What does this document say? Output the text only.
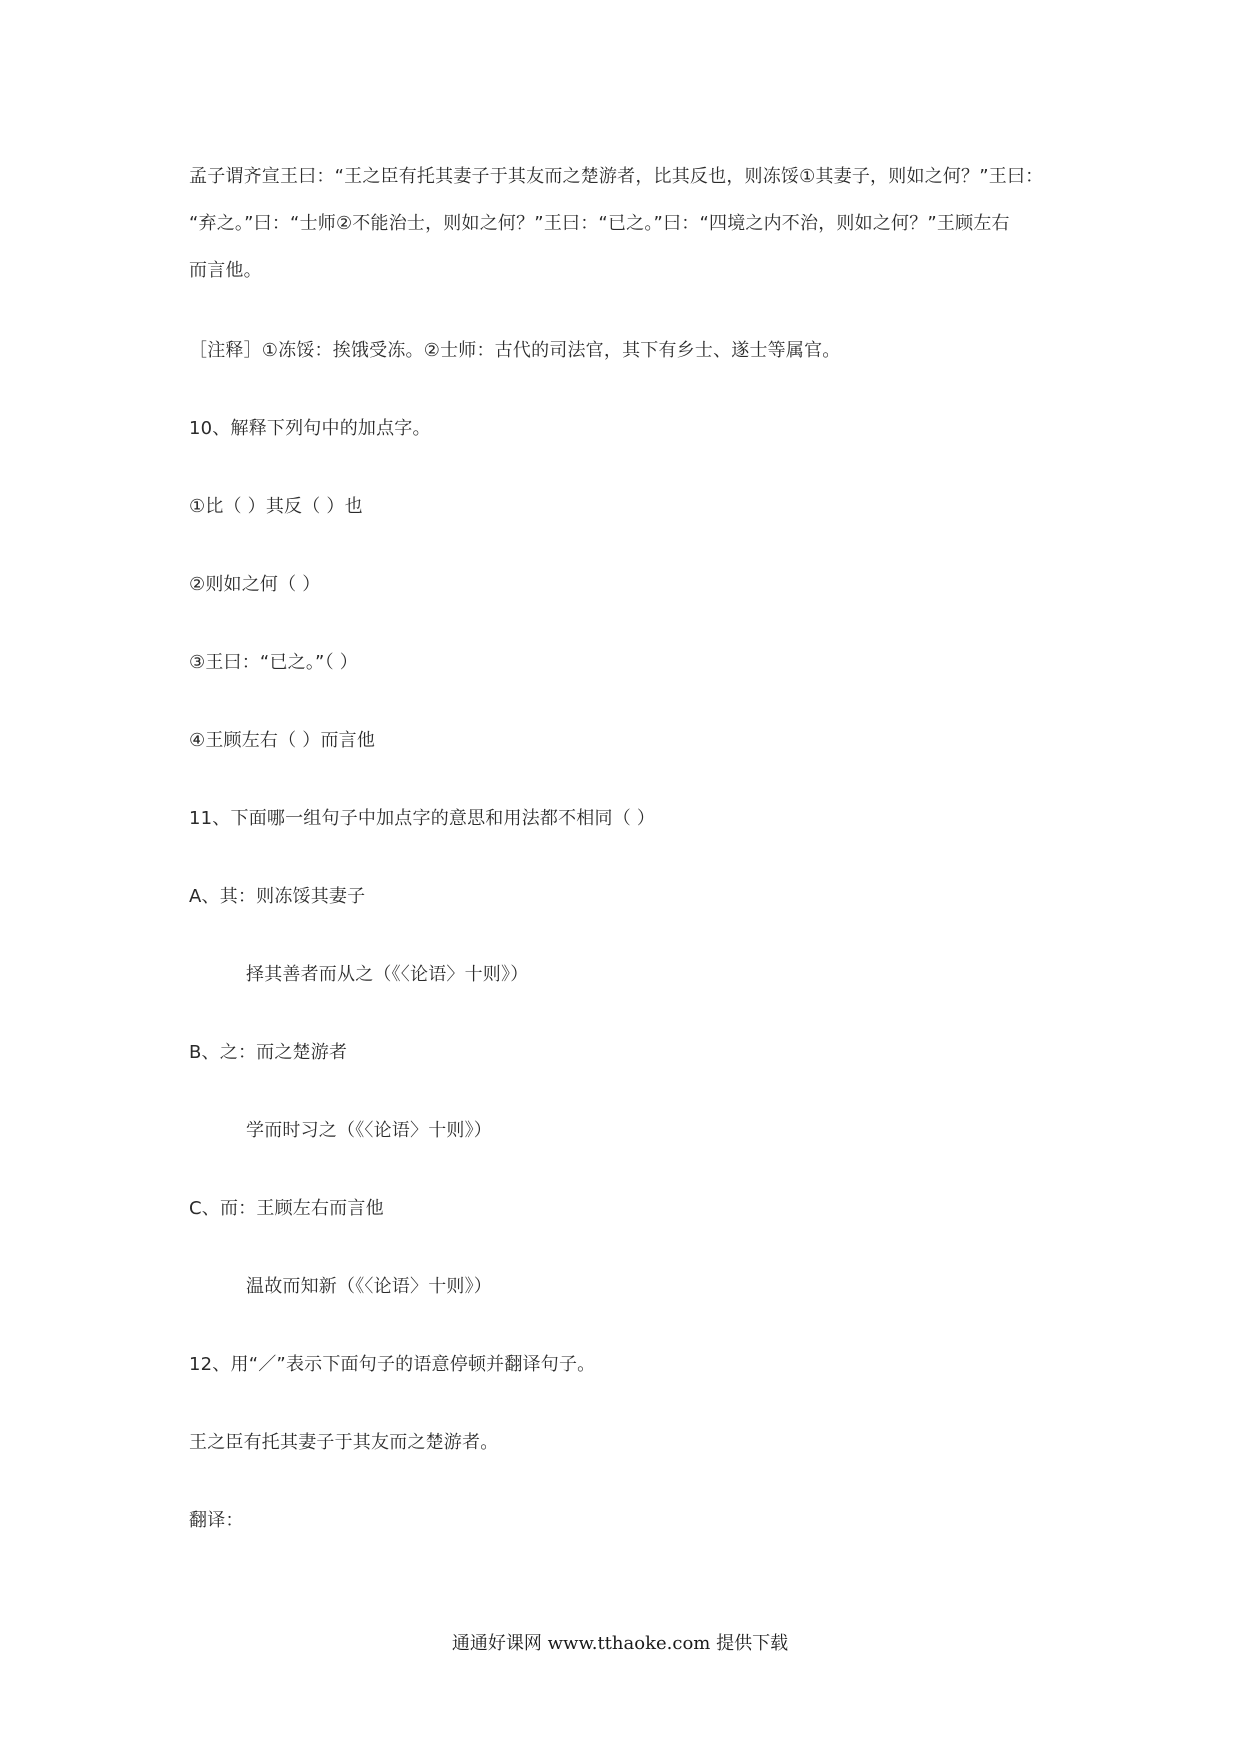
孟子谓齐宣王曰：“王之臣有托其妻子于其友而之楚游者，比其反也，则冻馁①其妻子，则如之何？”王曰：
“弃之。”曰：“士师②不能治士，则如之何？”王曰：“已之。”曰：“四境之内不治，则如之何？”王顾左右
而言他。
［注释］①冻馁：挨饿受冻。②士师：古代的司法官，其下有乡士、遂士等属官。
10、解释下列句中的加点字。
①比（ ）其反（ ）也
②则如之何（ ）
③王曰：“已之。”（ ）
④王顾左右（ ）而言他
11、下面哪一组句子中加点字的意思和用法都不相同（ ）
A、其：则冻馁其妻子
择其善者而从之（《〈论语〉十则》）
B、之：而之楚游者
学而时习之（《〈论语〉十则》）
C、而：王顾左右而言他
温故而知新（《〈论语〉十则》）
12、用“／”表示下面句子的语意停顿并翻译句子。
王之臣有托其妻子于其友而之楚游者。
翻译：
通通好课网 www.tthaoke.com 提供下载
